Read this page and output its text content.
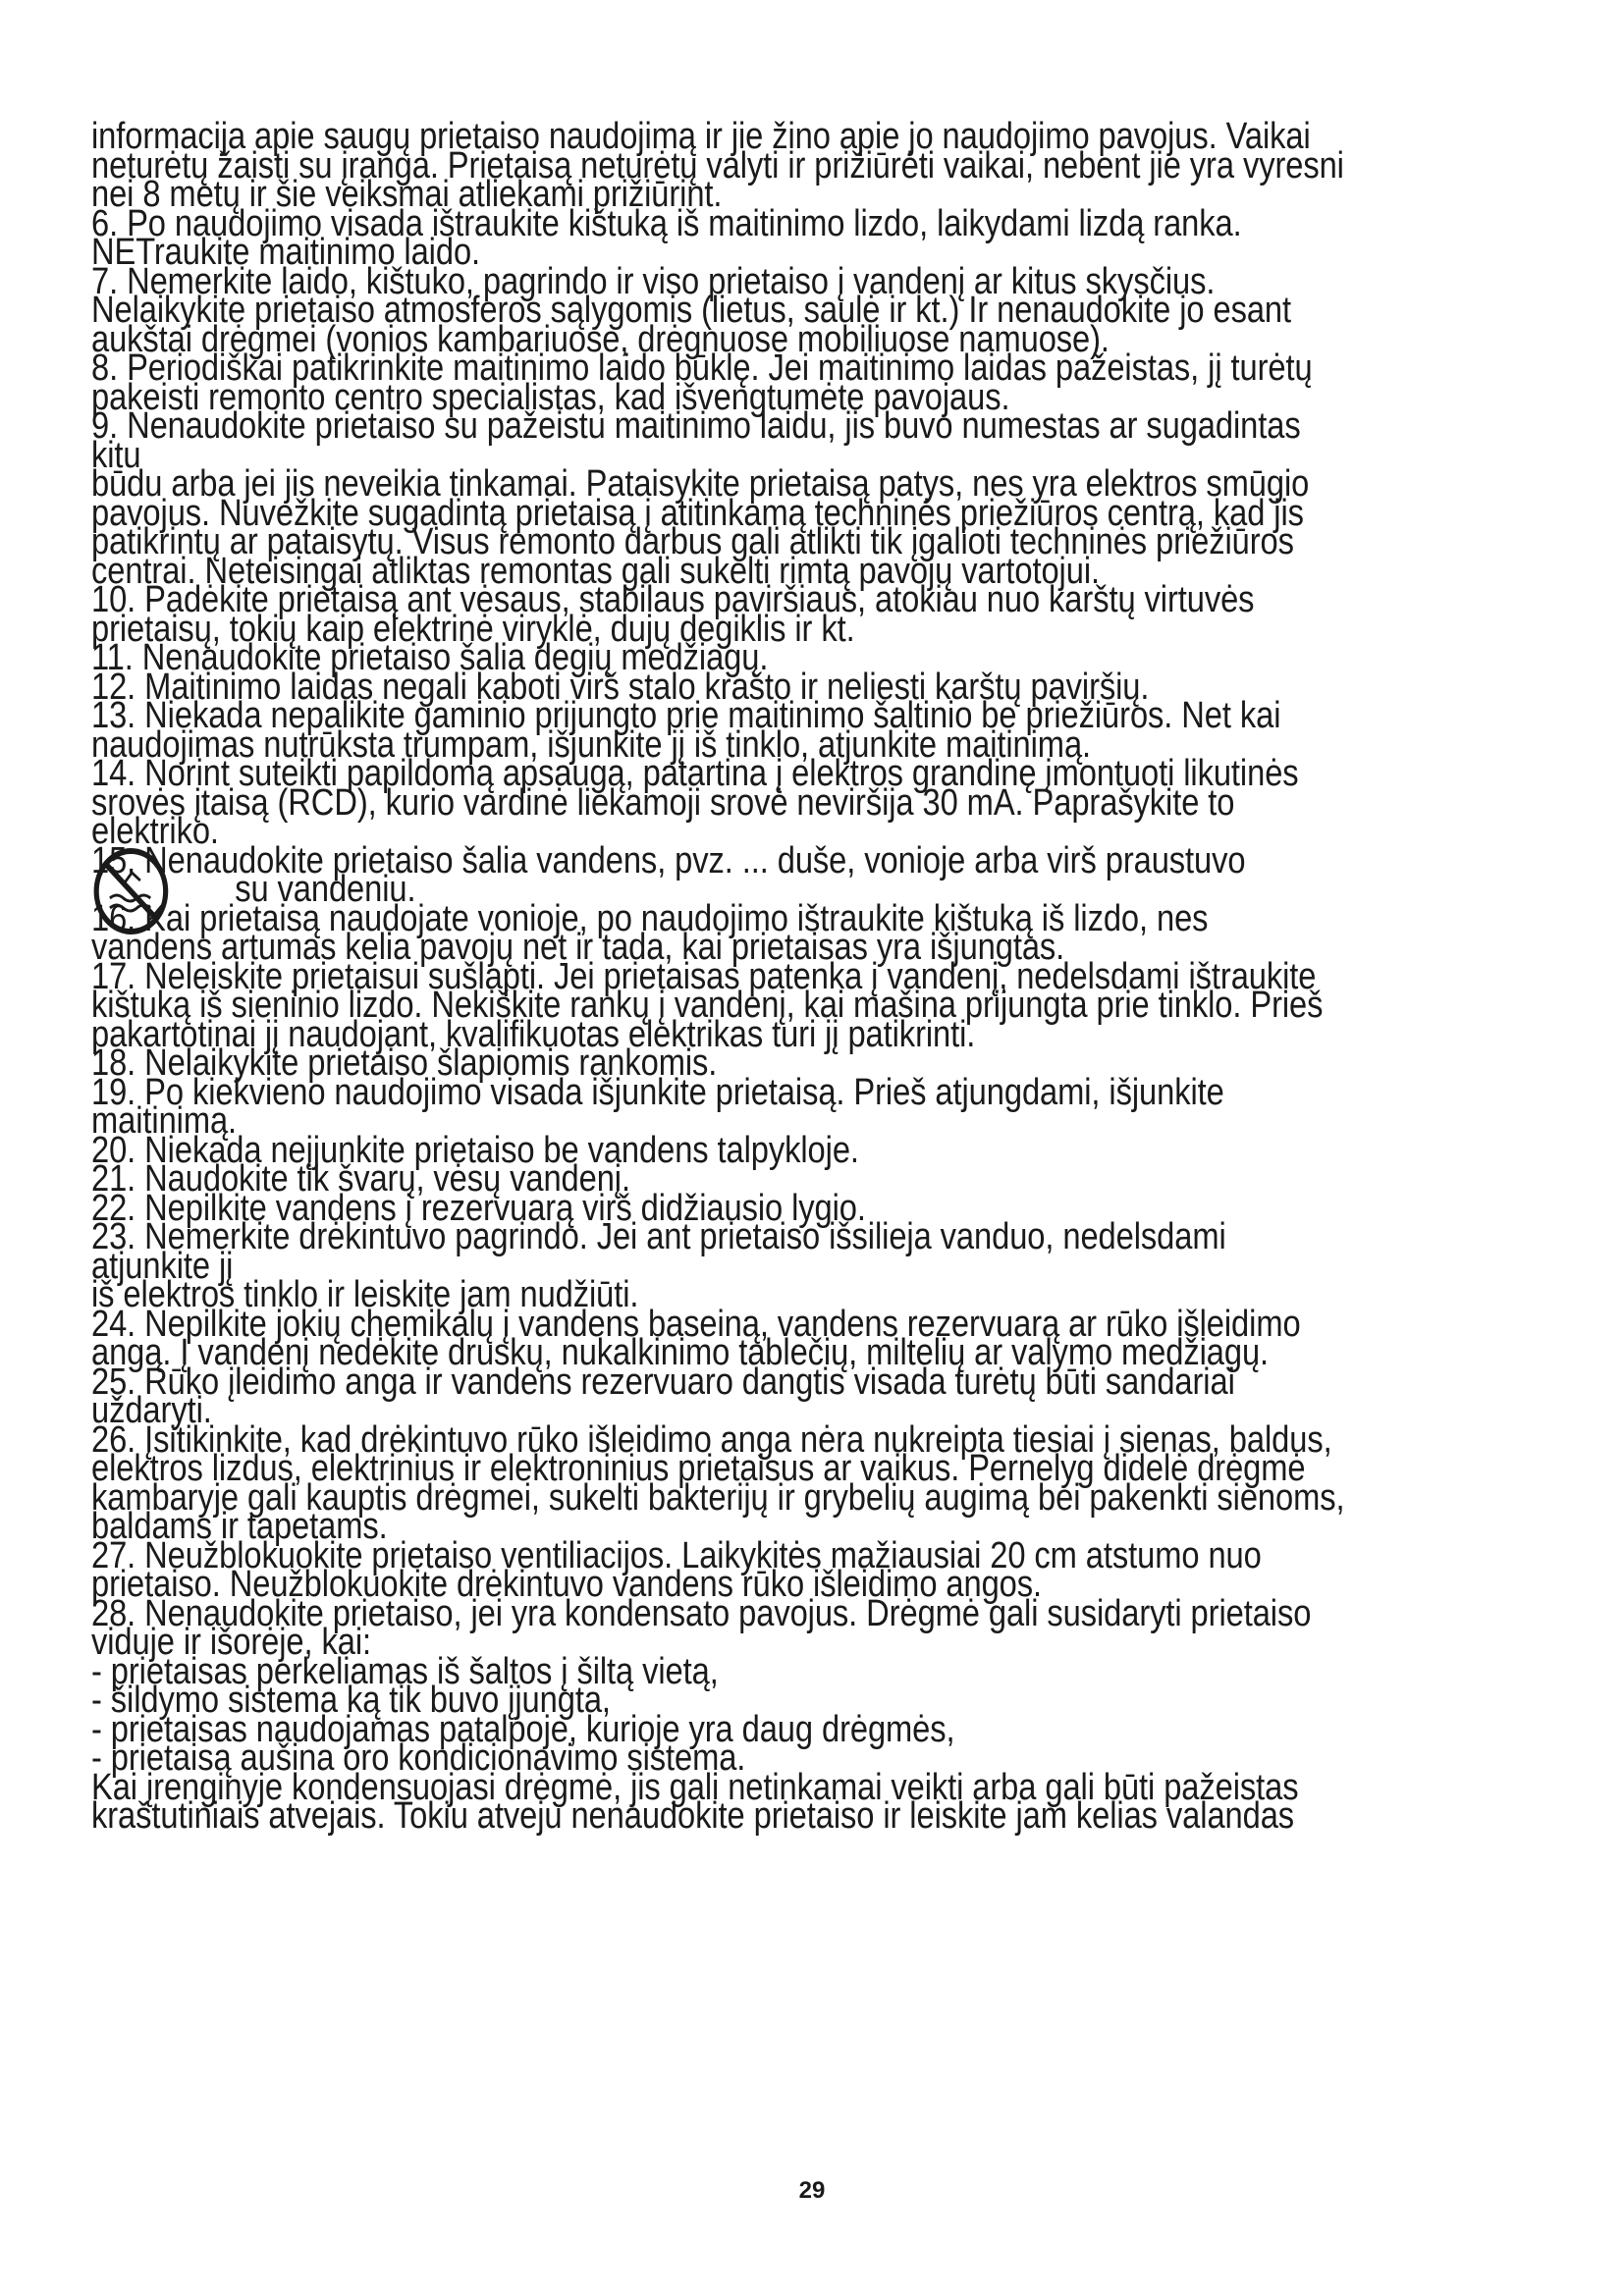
informacija apie saugų prietaiso naudojimą ir jie žino apie jo naudojimo pavojus. Vaikai

neturėtų žaisti su įranga. Prietaisą neturėtų valyti ir prižiūrėti vaikai, nebent jie yra vyresni

nei 8 metų ir šie veiksmai atliekami prižiūrint.

6. Po naudojimo visada ištraukite kištuką iš maitinimo lizdo, laikydami lizdą ranka.

NETraukite maitinimo laido.

7. Nemerkite laido, kištuko, pagrindo ir viso prietaiso į vandenį ar kitus skysčius.

Nelaikykite prietaiso atmosferos sąlygomis (lietus, saulė ir kt.) Ir nenaudokite jo esant

aukštai drėgmei (vonios kambariuose, drėgnuose mobiliuose namuose).

8. Periodiškai patikrinkite maitinimo laido būklę. Jei maitinimo laidas pažeistas, jį turėtų

pakeisti remonto centro specialistas, kad išvengtumėte pavojaus.

9. Nenaudokite prietaiso su pažeistu maitinimo laidu, jis buvo numestas ar sugadintas kitu

būdu arba jei jis neveikia tinkamai. Pataisykite prietaisą patys, nes yra elektros smūgio

pavojus. Nuvežkite sugadintą prietaisą į atitinkamą techninės priežiūros centrą, kad jis

patikrintų ar pataisytų. Visus remonto darbus gali atlikti tik įgalioti techninės priežiūros

centrai. Neteisingai atliktas remontas gali sukelti rimtą pavojų vartotojui.

10. Padėkite prietaisą ant vėsaus, stabilaus paviršiaus, atokiau nuo karštų virtuvės

prietaisų, tokių kaip elektrinė viryklė, dujų degiklis ir kt.

11. Nenaudokite prietaiso šalia degių medžiagų.

12. Maitinimo laidas negali kaboti virš stalo krašto ir neliesti karštų paviršių.

13. Niekada nepalikite gaminio prijungto prie maitinimo šaltinio be priežiūros. Net kai

naudojimas nutrūksta trumpam, išjunkite jį iš tinklo, atjunkite maitinimą.

14. Norint suteikti papildomą apsaugą, patartina į elektros grandinę įmontuoti likutinės

srovės įtaisą (RCD), kurio vardinė liekamoji srovė neviršija 30 mA. Paprašykite to elektriko.

15. Nenaudokite prietaiso šalia vandens, pvz. ... duše, vonioje arba virš praustuvo

su vandeniu.

16. Kai prietaisą naudojate vonioje, po naudojimo ištraukite kištuką iš lizdo, nes

vandens artumas kelia pavojų net ir tada, kai prietaisas yra išjungtas.

17. Neleiskite prietaisui sušlapti. Jei prietaisas patenka į vandenį, nedelsdami ištraukite

kištuką iš sieninio lizdo. Nekiškite rankų į vandenį, kai mašina prijungta prie tinklo. Prieš

pakartotinai jį naudojant, kvalifikuotas elektrikas turi jį patikrinti.

18. Nelaikykite prietaiso šlapiomis rankomis.

19. Po kiekvieno naudojimo visada išjunkite prietaisą. Prieš atjungdami, išjunkite

maitinimą.

20. Niekada neįjunkite prietaiso be vandens talpykloje.

21. Naudokite tik švarų, vėsų vandenį.

22. Nepilkite vandens į rezervuarą virš didžiausio lygio.

23. Nemerkite drėkintuvo pagrindo. Jei ant prietaiso išsilieja vanduo, nedelsdami atjunkite jį

iš elektros tinklo ir leiskite jam nudžiūti.

24. Nepilkite jokių chemikalų į vandens baseiną, vandens rezervuarą ar rūko išleidimo

angą. Į vandenį nedėkite druskų, nukalkinimo tablečių, miltelių ar valymo medžiagų.

25. Rūko įleidimo anga ir vandens rezervuaro dangtis visada turėtų būti sandariai uždaryti.

26. Įsitikinkite, kad drėkintuvo rūko išleidimo anga nėra nukreipta tiesiai į sienas, baldus,

elektros lizdus, elektrinius ir elektroninius prietaisus ar vaikus. Pernelyg didelė drėgmė

kambaryje gali kauptis drėgmei, sukelti bakterijų ir grybelių augimą bei pakenkti sienoms,

baldams ir tapetams.

27. Neužblokuokite prietaiso ventiliacijos. Laikykitės mažiausiai 20 cm atstumo nuo

prietaiso. Neužblokuokite drėkintuvo vandens rūko išleidimo angos.

28. Nenaudokite prietaiso, jei yra kondensato pavojus. Drėgmė gali susidaryti prietaiso

viduje ir išorėje, kai:

- prietaisas perkeliamas iš šaltos į šiltą vietą,

- šildymo sistema ką tik buvo įjungta,

- prietaisas naudojamas patalpoje, kurioje yra daug drėgmės,

- prietaisą aušina oro kondicionavimo sistema.

Kai įrenginyje kondensuojasi drėgmė, jis gali netinkamai veikti arba gali būti pažeistas

kraštutiniais atvejais. Tokiu atveju nenaudokite prietaiso ir leiskite jam kelias valandas

29
